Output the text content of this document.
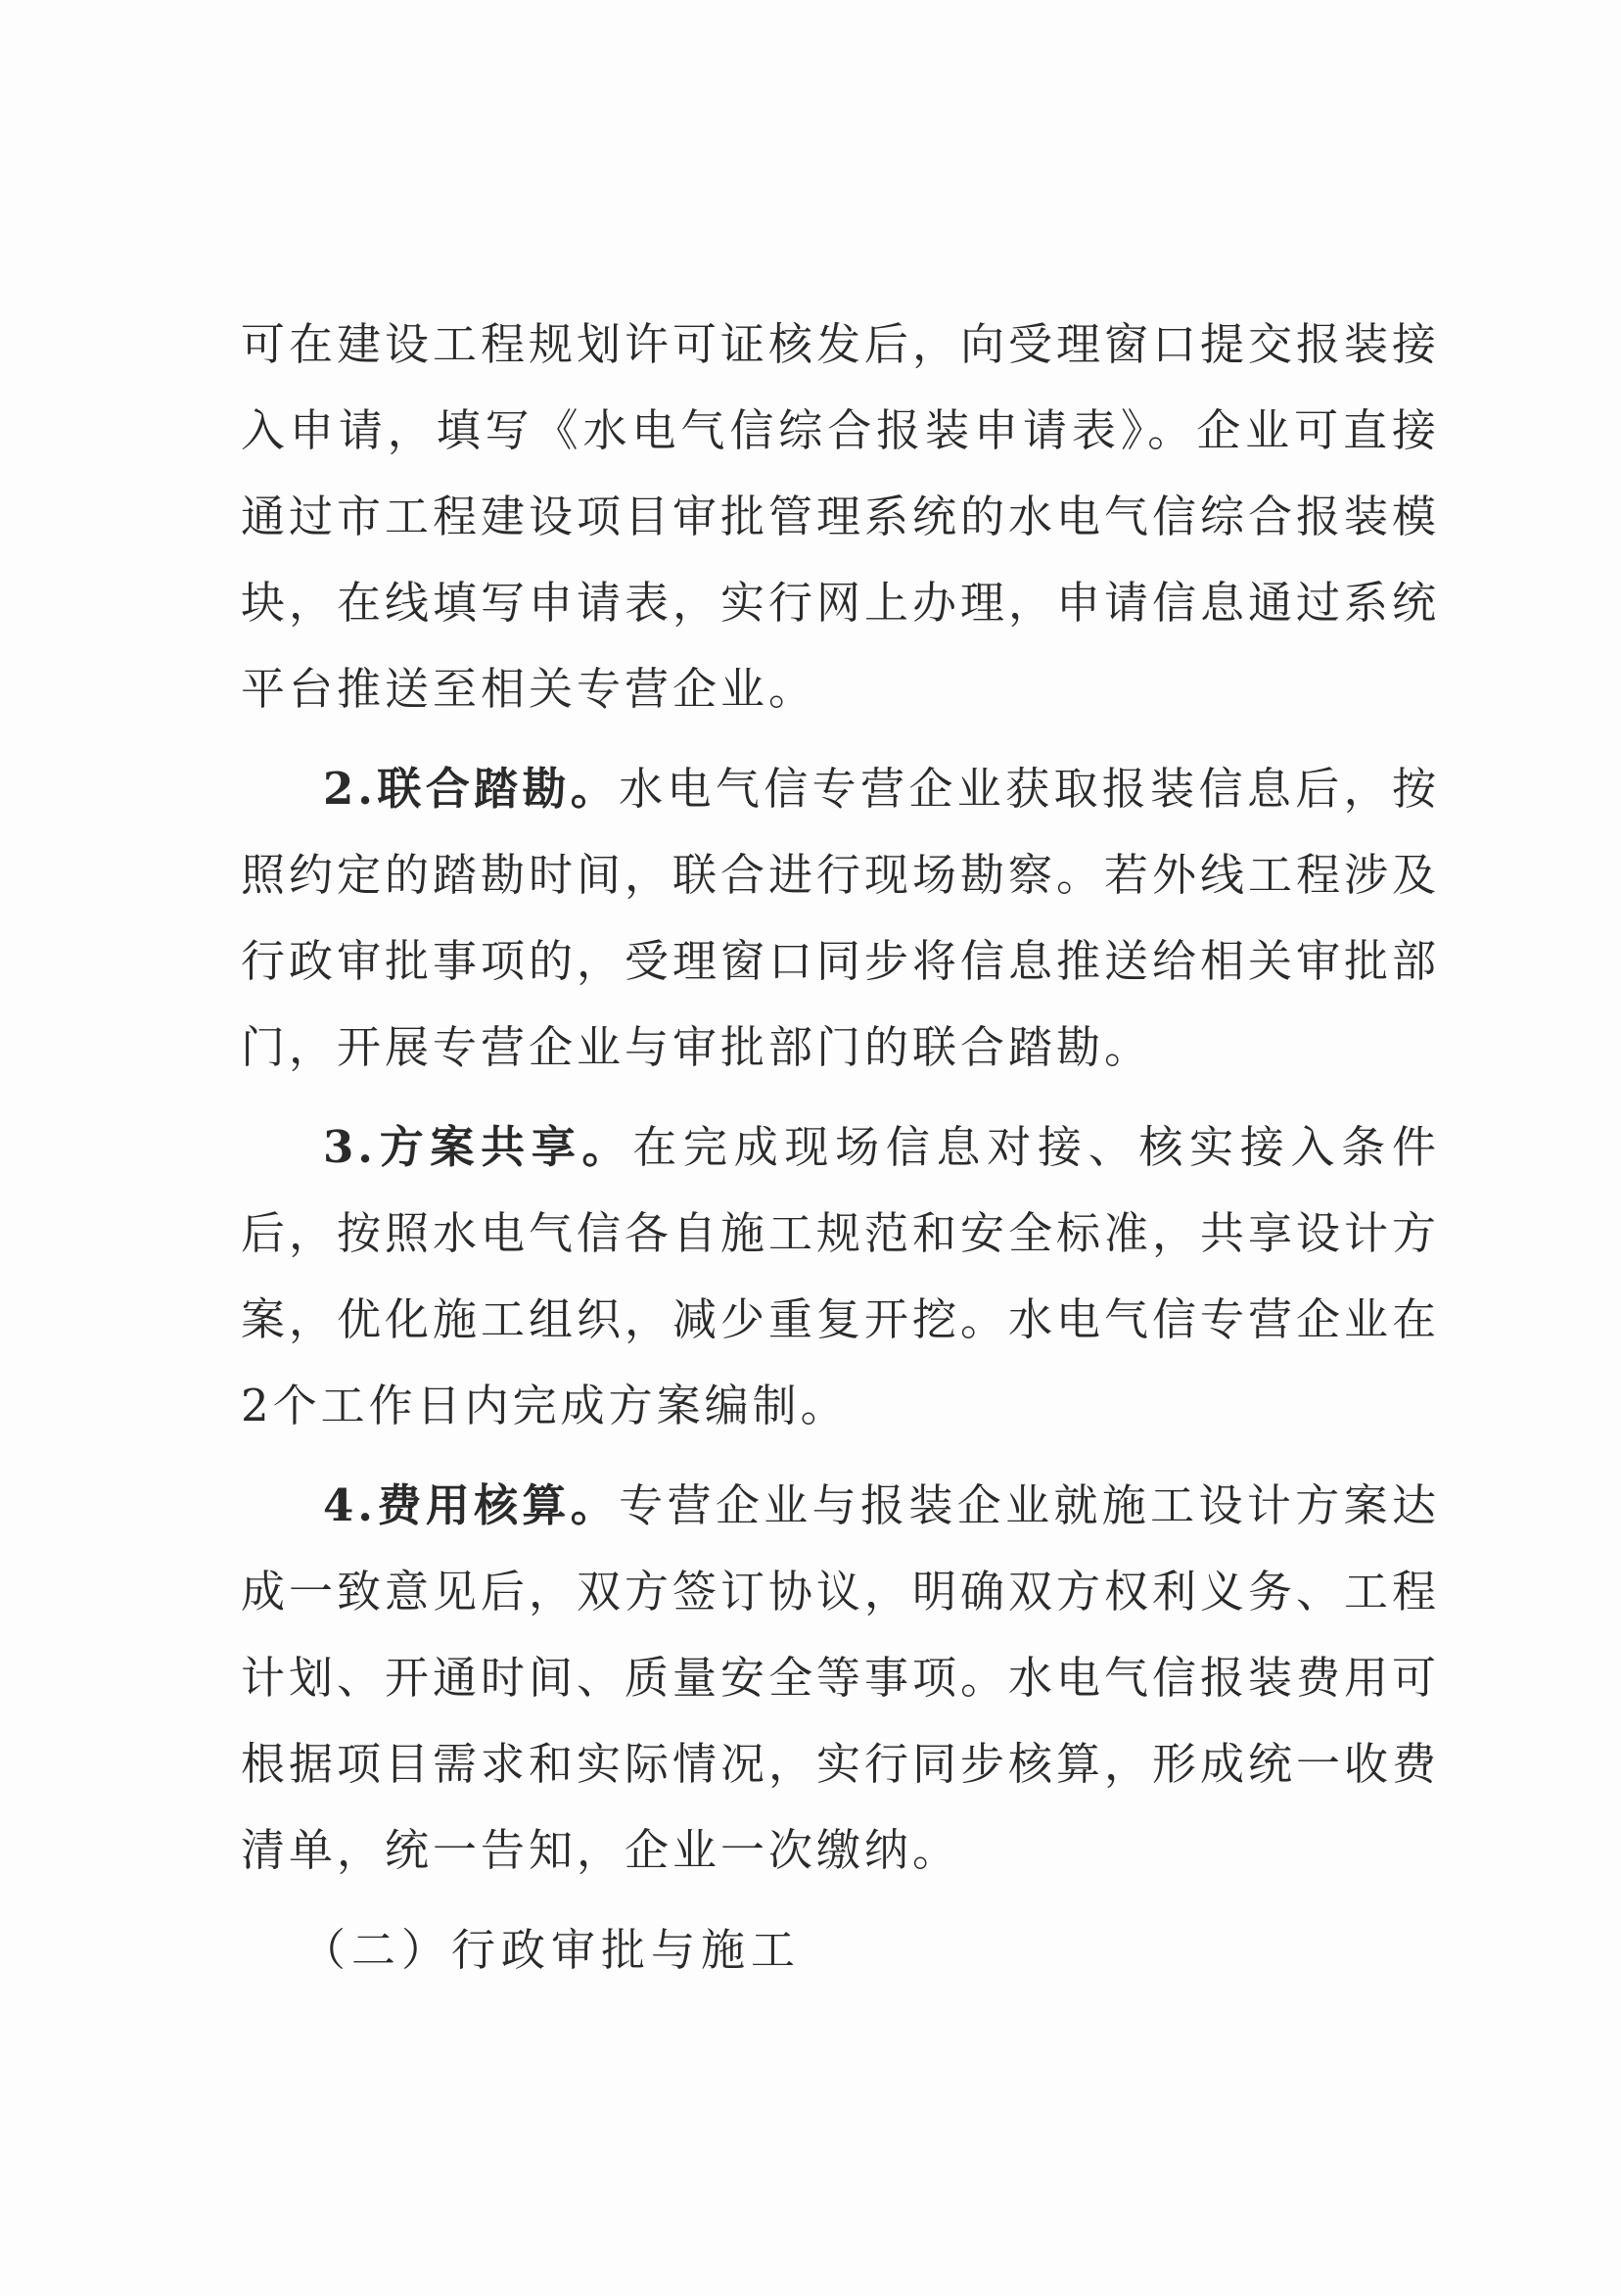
可在建设工程规划许可证核发后，向受理窗口提交报装接入申请，填写《水电气信综合报装申请表》。企业可直接通过市工程建设项目审批管理系统的水电气信综合报装模块，在线填写申请表，实行网上办理，申请信息通过系统平台推送至相关专营企业。

2.联合踏勘。水电气信专营企业获取报装信息后，按照约定的踏勘时间，联合进行现场勘察。若外线工程涉及行政审批事项的，受理窗口同步将信息推送给相关审批部门，开展专营企业与审批部门的联合踏勘。

3.方案共享。在完成现场信息对接、核实接入条件后，按照水电气信各自施工规范和安全标准，共享设计方案，优化施工组织，减少重复开挖。水电气信专营企业在2个工作日内完成方案编制。

4.费用核算。专营企业与报装企业就施工设计方案达成一致意见后，双方签订协议，明确双方权利义务、工程计划、开通时间、质量安全等事项。水电气信报装费用可根据项目需求和实际情况，实行同步核算，形成统一收费清单，统一告知，企业一次缴纳。

（二）行政审批与施工
